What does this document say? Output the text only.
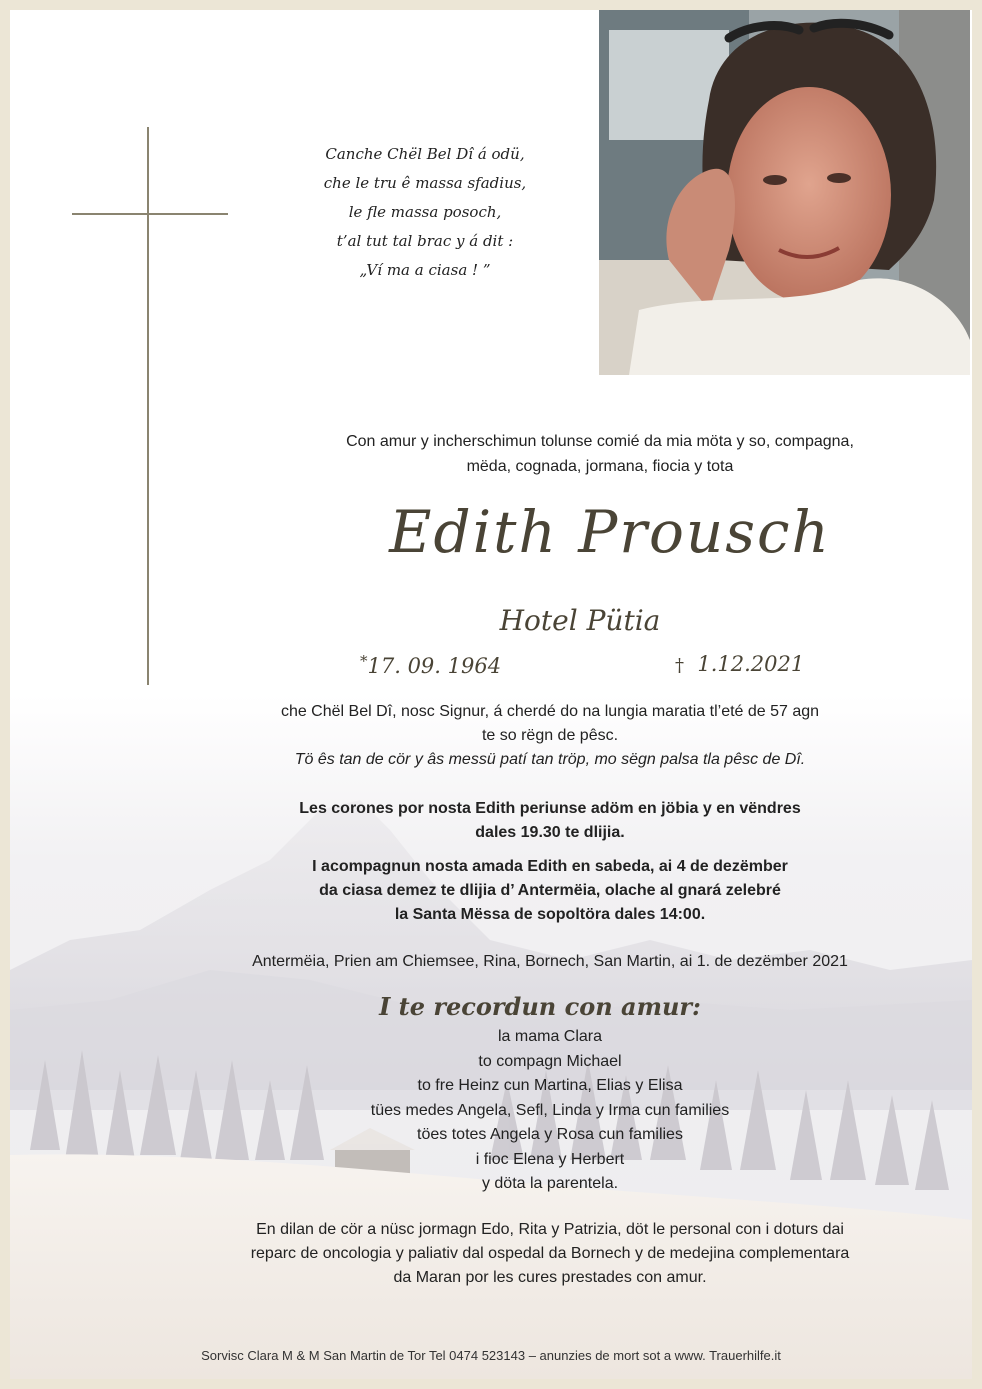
Canche Chël Bel Dî á odü,
che le tru ê massa sfadius,
le fle massa posoch,
t’al tut tal brac y á dit :
„Ví ma a ciasa ! ”
Con amur y incherschimun tolunse comié da mia möta y so, compagna,
mëda, cognada, jormana, fiocia y tota
Edith Prousch
Hotel Pütia
*17. 09. 1964	† 1.12.2021
che Chël Bel Dî, nosc Signur, á cherdé do na lungia maratia tl’eté de 57 agn
te so rëgn de pêsc.
Tö ês tan de cör y âs messü patí tan tröp, mo sëgn palsa tla pêsc de Dî.
Les corones por nosta Edith periunse adöm en jöbia y en vëndres
dales 19.30 te dlijia.
I acompagnun nosta amada Edith en sabeda, ai 4 de dezëmber
da ciasa demez te dlijia d’ Antermëia, olache al gnará zelebré
la Santa Mëssa de sopoltöra dales 14:00.
Antermëia, Prien am Chiemsee, Rina, Bornech, San Martin, ai 1. de dezëmber 2021
I te recordun con amur:
la mama Clara
to compagn Michael
to fre Heinz cun Martina, Elias y Elisa
tües medes Angela, Sefl, Linda y Irma cun families
töes totes Angela y Rosa cun families
i fioc Elena y Herbert
y döta la parentela.
En dilan de cör a nüsc jormagn Edo, Rita y Patrizia, döt le personal con i doturs dai
reparc de oncologia y paliativ dal ospedal da Bornech y de medejina complementara
da Maran por les cures prestades con amur.
Sorvisc Clara M & M San Martin de Tor Tel 0474 523143 – anunzies de mort sot a www. Trauerhilfe.it
